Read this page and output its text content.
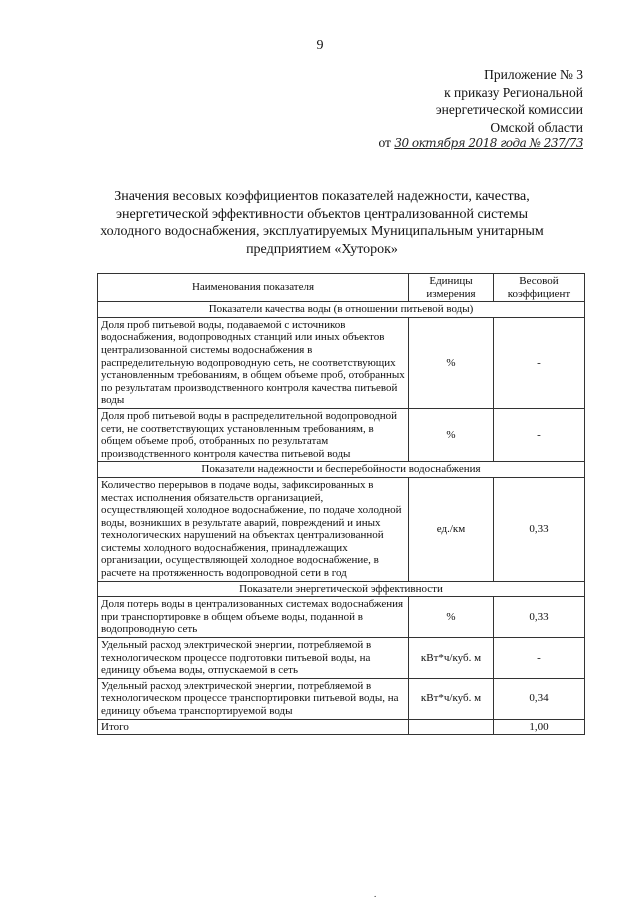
9
Приложение № 3
к приказу Региональной
энергетической комиссии
Омской области
от 30 октября 2018 года № 237/73
Значения весовых коэффициентов показателей надежности, качества, энергетической эффективности объектов централизованной системы холодного водоснабжения, эксплуатируемых Муниципальным унитарным предприятием «Хуторок»
Наименования показателя	Единицы измерения	Весовой коэффициент
Показатели качества воды (в отношении питьевой воды)		
Доля проб питьевой воды, подаваемой с источников водоснабжения, водопроводных станций или иных объектов централизованной системы водоснабжения в распределительную водопроводную сеть, не соответствующих установленным требованиям, в общем объеме проб, отобранных по результатам производственного контроля качества питьевой воды	%	-
Доля проб питьевой воды в распределительной водопроводной сети, не соответствующих установленным требованиям, в общем объеме проб, отобранных по результатам производственного контроля качества питьевой воды	%	-
Показатели надежности и бесперебойности водоснабжения		
Количество перерывов в подаче воды, зафиксированных в местах исполнения обязательств организацией, осуществляющей холодное водоснабжение, по подаче холодной воды, возникших в результате аварий, повреждений и иных технологических нарушений на объектах централизованной системы холодного водоснабжения, принадлежащих организации, осуществляющей холодное водоснабжение, в расчете на протяженность водопроводной сети в год	ед./км	0,33
Показатели энергетической эффективности		
Доля потерь воды в централизованных системах водоснабжения при транспортировке в общем объеме воды, поданной в водопроводную сеть	%	0,33
Удельный расход электрической энергии, потребляемой в технологическом процессе подготовки питьевой воды, на единицу объема воды, отпускаемой в сеть	кВт*ч/куб. м	-
Удельный расход электрической энергии, потребляемой в технологическом процессе транспортировки питьевой воды, на единицу объема транспортируемой воды	кВт*ч/куб. м	0,34
Итого		1,00
.
